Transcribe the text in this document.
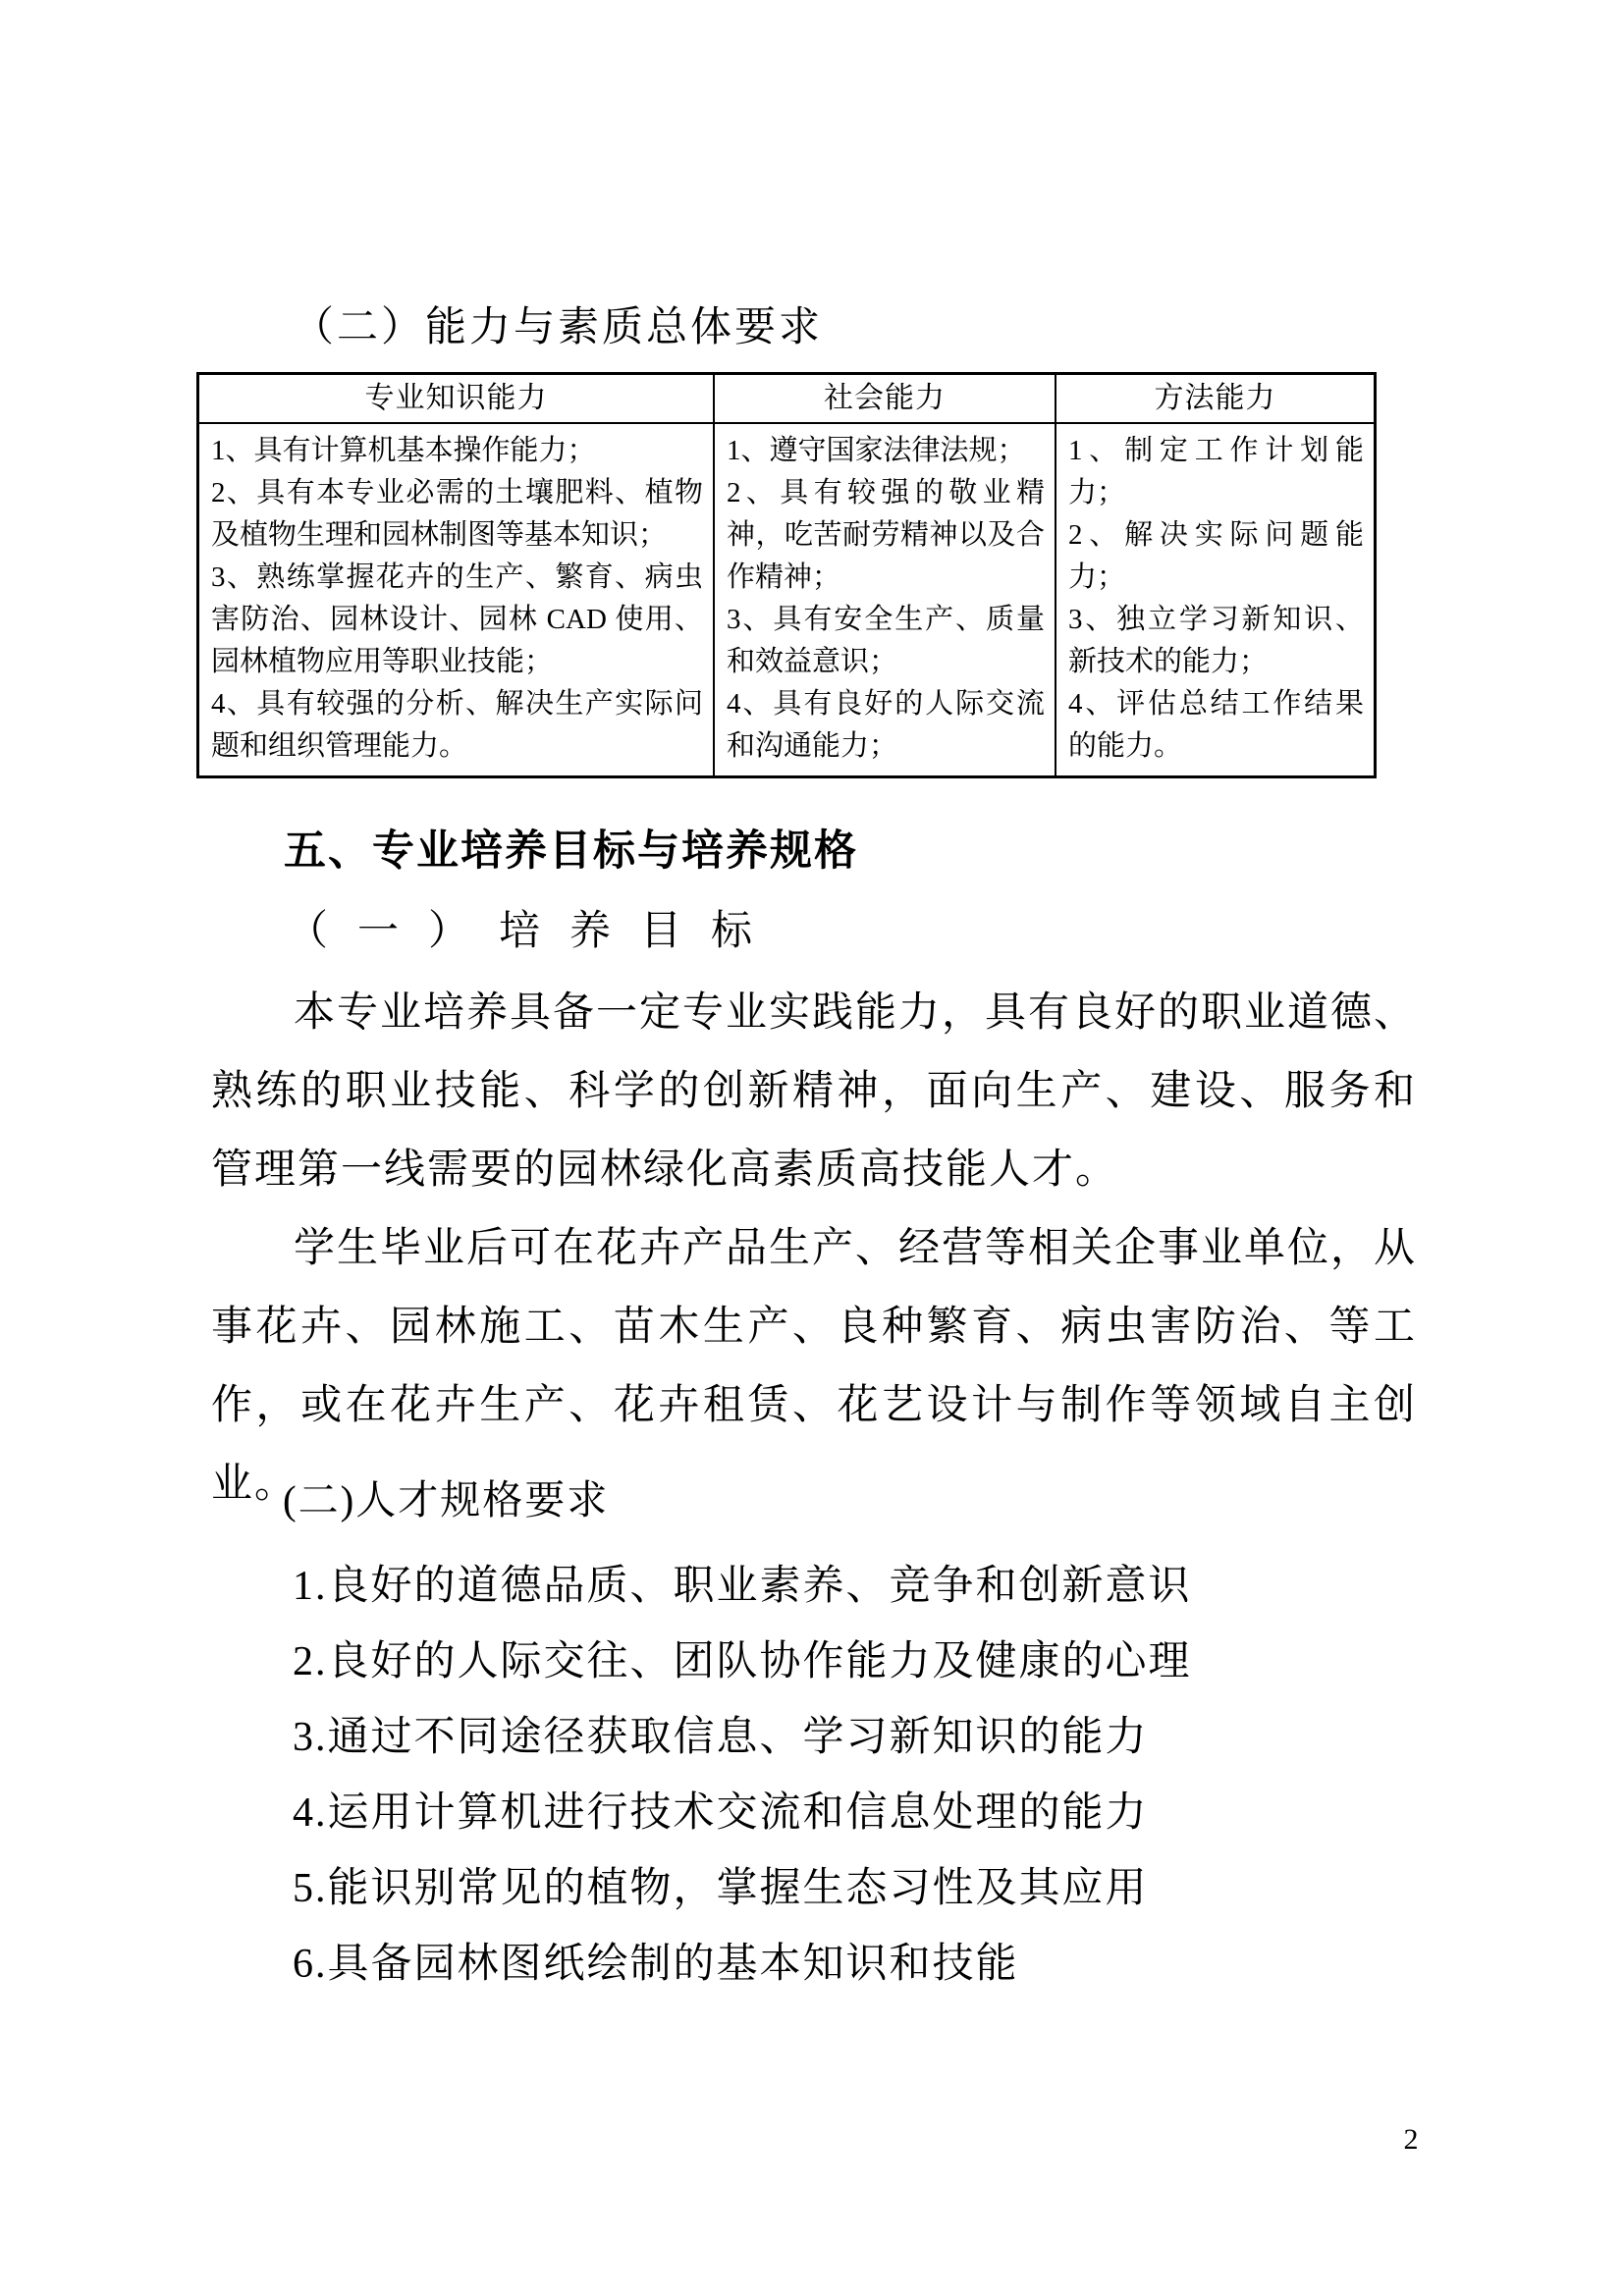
（二）能力与素质总体要求
专业知识能力	社会能力	方法能力
1、具有计算机基本操作能力；
2、具有本专业必需的土壤肥料、植物及植物生理和园林制图等基本知识；
3、熟练掌握花卉的生产、繁育、病虫害防治、园林设计、园林 CAD 使用、园林植物应用等职业技能；
4、具有较强的分析、解决生产实际问题和组织管理能力。
1、遵守国家法律法规；
2、具有较强的敬业精神，吃苦耐劳精神以及合作精神；
3、具有安全生产、质量和效益意识；
4、具有良好的人际交流和沟通能力；
1、制定工作计划能力；
2、解决实际问题能力；
3、独立学习新知识、新技术的能力；
4、评估总结工作结果的能力。
五、专业培养目标与培养规格
（一）培养目标

本专业培养具备一定专业实践能力，具有良好的职业道德、熟练的职业技能、科学的创新精神，面向生产、建设、服务和管理第一线需要的园林绿化高素质高技能人才。

学生毕业后可在花卉产品生产、经营等相关企事业单位，从事花卉、园林施工、苗木生产、良种繁育、病虫害防治、等工作，或在花卉生产、花卉租赁、花艺设计与制作等领域自主创业。

(二)人才规格要求
1.良好的道德品质、职业素养、竞争和创新意识
2.良好的人际交往、团队协作能力及健康的心理
3.通过不同途径获取信息、学习新知识的能力
4.运用计算机进行技术交流和信息处理的能力
5.能识别常见的植物，掌握生态习性及其应用
6.具备园林图纸绘制的基本知识和技能
2
